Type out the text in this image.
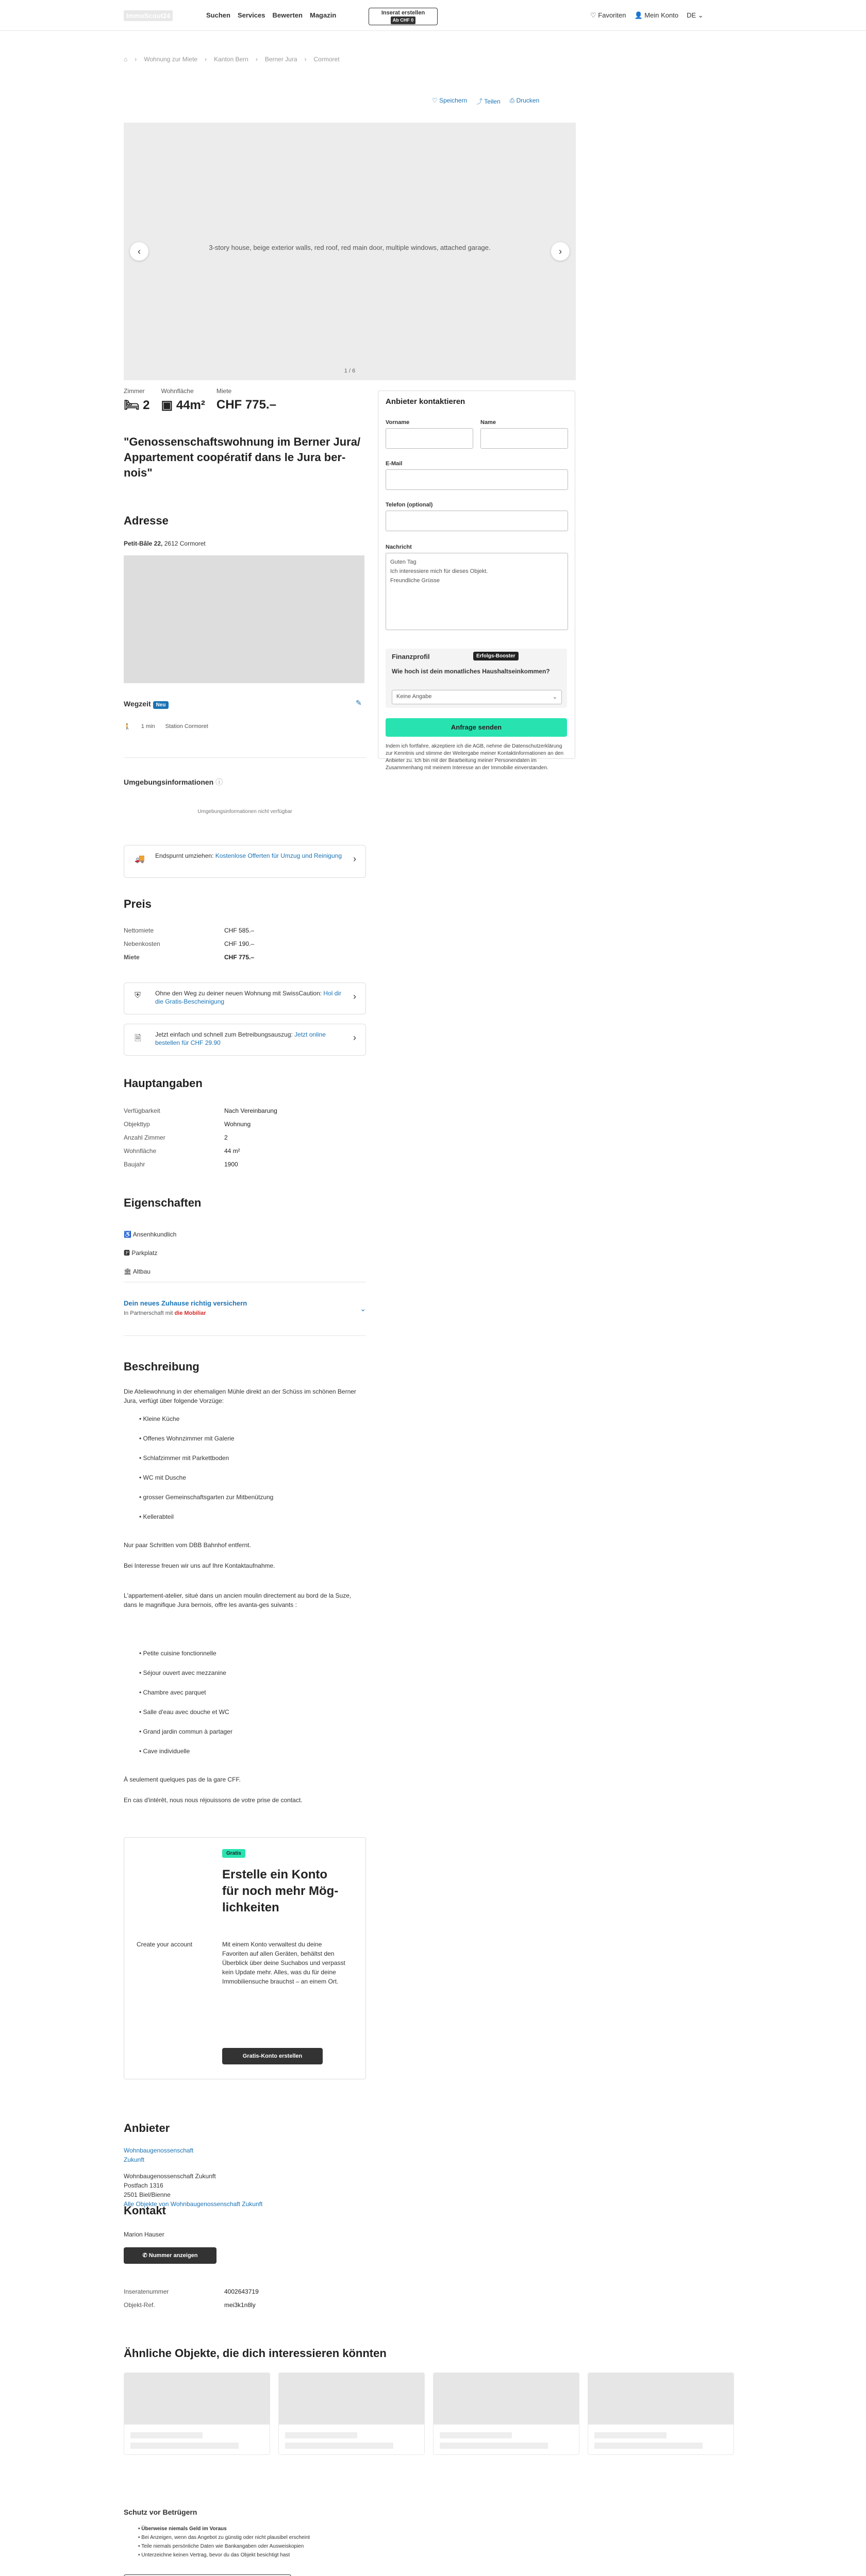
ImmoScout24	Suchen Services Bewerten Magazin	Inserat erstellen
Ab CHF 0
♡ Favoriten 👤 Mein Konto DE ⌄
⌂ › Wohnung zur Miete › Kanton Bern › Berner Jura › Cormoret
♡ Speichern ⤴ Teilen ⎙ Drucken
3-story house, beige exterior walls, red roof, red main door, multiple windows, attached garage.
‹	›
1 / 6
Zimmer
🛏 2
Wohnfläche
▣ 44m²
Miete
CHF 775.–
"Genossenschaftswohnung im Berner Jura/ Appartement coopératif dans le Jura ber-nois"
Adresse
Petit-Bâle 22, 2612 Cormoret
Wegzeit Neu	✎
🚶 1 min Station Cormoret
Umgebungsinformationen ⓘ
Umgebungsinformationen nicht verfügbar
🚚 Endspurnt umziehen: Kostenlose Offerten für Umzug und Reinigung	›
Preis
Nettomiete	CHF 585.–
Nebenkosten	CHF 190.–
Miete	CHF 775.–
⛨	Ohne den Weg zu deiner neuen Wohnung mit SwissCaution: Hol dir die Gratis-Bescheinigung	›
🗎	Jetzt einfach und schnell zum Betreibungsauszug: Jetzt online bestellen für CHF 29.90	›
Hauptangaben
Verfügbarkeit	Nach Vereinbarung
Objekttyp	Wohnung
Anzahl Zimmer	2
Wohnfläche	44 m²
Baujahr	1900
Eigenschaften
♿ Ansenhkundlich
🅿 Parkplatz
🏛 Altbau
Dein neues Zuhause richtig versichern
In Partnerschaft mit die Mobiliar
⌄
Beschreibung
Die Ateliewohnung in der ehemaligen Mühle direkt an der Schüss im schönen Berner Jura, verfügt über folgende Vorzüge:
• Kleine Küche
• Offenes Wohnzimmer mit Galerie
• Schlafzimmer mit Parkettboden
• WC mit Dusche
• grosser Gemeinschaftsgarten zur Mitbenützung
• Kellerabteil
Nur paar Schritten vom DBB Bahnhof entfernt.
Bei Interesse freuen wir uns auf Ihre Kontaktaufnahme.
L'appartement-atelier, situé dans un ancien moulin directement au bord de la Suze, dans le magnifique Jura bernois, offre les avanta-ges suivants :
• Petite cuisine fonctionnelle
• Séjour ouvert avec mezzanine
• Chambre avec parquet
• Salle d'eau avec douche et WC
• Grand jardin commun à partager
• Cave individuelle
À seulement quelques pas de la gare CFF.
En cas d'intérêt, nous nous réjouissons de votre prise de contact.
Gratis
Erstelle ein Konto für noch mehr Mög-lichkeiten
Create your account	Mit einem Konto verwaltest du deine Favoriten auf allen Geräten, behältst den Überblick über deine Suchabos und verpasst kein Update mehr. Alles, was du für deine Immobiliensuche brauchst – an einem Ort.
Gratis-Konto erstellen
Anbieter
Wohnbaugenossenschaft
Zukunft
Wohnbaugenossenschaft Zukunft
Postfach 1316
2501 Biel/Bienne
Alle Objekte von Wohnbaugenossenschaft Zukunft
Kontakt
Marion Hauser
✆ Nummer anzeigen
Inseratenummer	4002643719
Objekt-Ref.	mei3k1n8ly
Ähnliche Objekte, die dich interessieren könnten
Schutz vor Betrügern
• Überweise niemals Geld im Voraus
• Bei Anzeigen, wenn das Angebot zu günstig oder nicht plausibel erscheint
• Teile niemals persönliche Daten wie Bankangaben oder Ausweiskopien
• Unterzeichne keinen Vertrag, bevor du das Objekt besichtigt hast
Anbieter kontaktieren
Vorname	Name
E-Mail
Telefon (optional)
Nachricht
Guten Tag
Ich interessiere mich für dieses Objekt.
Freundliche Grüsse
Finanzprofil	Erfolgs-Booster
Wie hoch ist dein monatliches Haushaltseinkommen?
Keine Angabe	⌄
Anfrage senden
Indem ich fortfahre, akzeptiere ich die AGB, nehme die Datenschutzerklärung zur Kenntnis und stimme der Weitergabe meiner Kontaktinformationen an den Anbieter zu. Ich bin mit der Bearbeitung meiner Personendaten im Zusammenhang mit meinem Interesse an der Immobilie einverstanden.
